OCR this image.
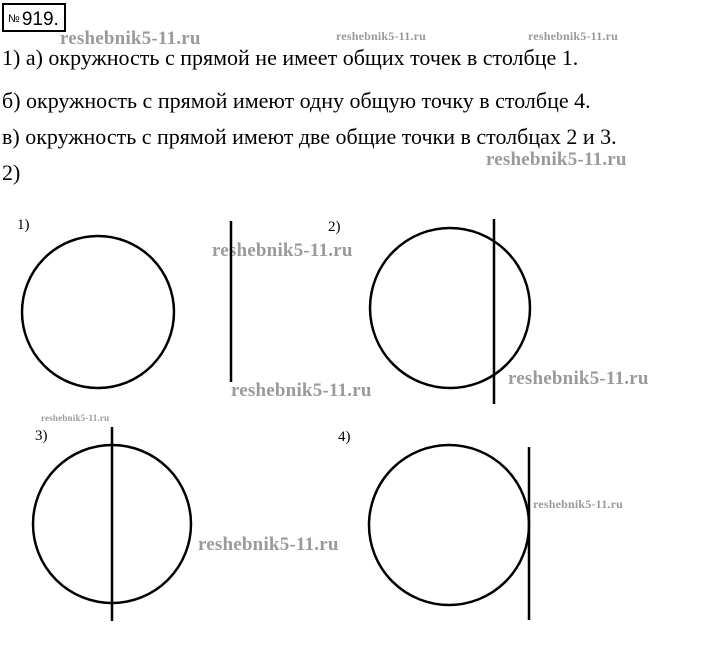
№ 919.
1) а) окружность с прямой не имеет общих точек в столбце 1.
б) окружность с прямой имеют одну общую точку в столбце 4.
в) окружность с прямой имеют две общие точки в столбцах 2 и 3.
2)
reshebnik5-11.ru	reshebnik5-11.ru	reshebnik5-11.ru
reshebnik5-11.ru
reshebnik5-11.ru
reshebnik5-11.ru
reshebnik5-11.ru
reshebnik5-11.ru
reshebnik5-11.ru
reshebnik5-11.ru
1)	2)
3)	4)
